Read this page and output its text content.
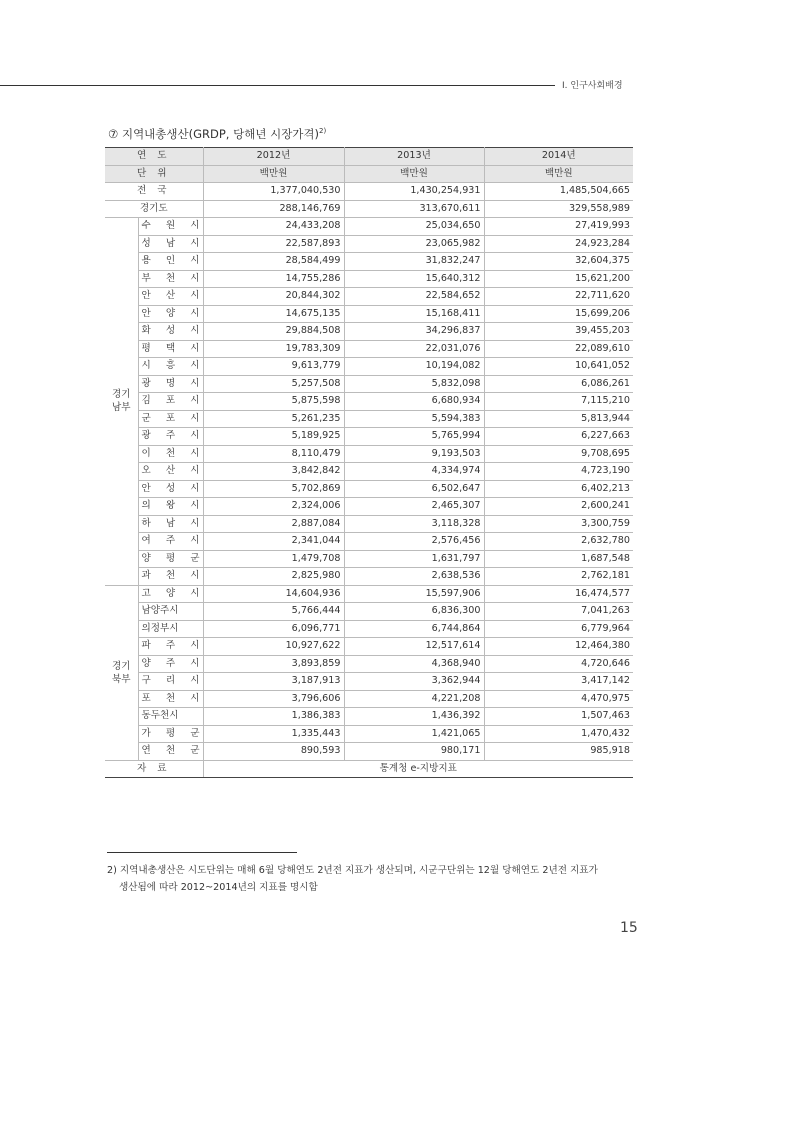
Ⅰ. 인구사회배경
⑦ 지역내총생산(GRDP, 당해년 시장가격)$^{2)}$
연 도		2012년	2013년	2014년
단 위		백만원	백만원	백만원
전 국		1,377,040,530	1,430,254,931	1,485,504,665
경기도		288,146,769	313,670,611	329,558,989

경기
남부	수 원 시	24,433,208	25,034,650	27,419,993

	성 남 시	22,587,893	23,065,982	24,923,284

	용 인 시	28,584,499	31,832,247	32,604,375

	부 천 시	14,755,286	15,640,312	15,621,200

	안 산 시	20,844,302	22,584,652	22,711,620

	안 양 시	14,675,135	15,168,411	15,699,206

	화 성 시	29,884,508	34,296,837	39,455,203

	평 택 시	19,783,309	22,031,076	22,089,610

	시 흥 시	9,613,779	10,194,082	10,641,052

	광 명 시	5,257,508	5,832,098	6,086,261

	김 포 시	5,875,598	6,680,934	7,115,210

	군 포 시	5,261,235	5,594,383	5,813,944

	광 주 시	5,189,925	5,765,994	6,227,663

	이 천 시	8,110,479	9,193,503	9,708,695

	오 산 시	3,842,842	4,334,974	4,723,190

	안 성 시	5,702,869	6,502,647	6,402,213

	의 왕 시	2,324,006	2,465,307	2,600,241

	하 남 시	2,887,084	3,118,328	3,300,759

	여 주 시	2,341,044	2,576,456	2,632,780

	양 평 군	1,479,708	1,631,797	1,687,548

	과 천 시	2,825,980	2,638,536	2,762,181

경기
북부	고 양 시	14,604,936	15,597,906	16,474,577

	남양주시	5,766,444	6,836,300	7,041,263

	의정부시	6,096,771	6,744,864	6,779,964

	파 주 시	10,927,622	12,517,614	12,464,380

	양 주 시	3,893,859	4,368,940	4,720,646

	구 리 시	3,187,913	3,362,944	3,417,142

	포 천 시	3,796,606	4,221,208	4,470,975

	동두천시	1,386,383	1,436,392	1,507,463

	가 평 군	1,335,443	1,421,065	1,470,432

	연 천 군	890,593	980,171	985,918
자 료		통계청 e-지방지표		
2) 지역내총생산은 시도단위는 매해 6월 당해연도 2년전 지표가 생산되며, 시군구단위는 12월 당해연도 2년전 지표가
생산됨에 따라 2012~2014년의 지표를 명시함
15
